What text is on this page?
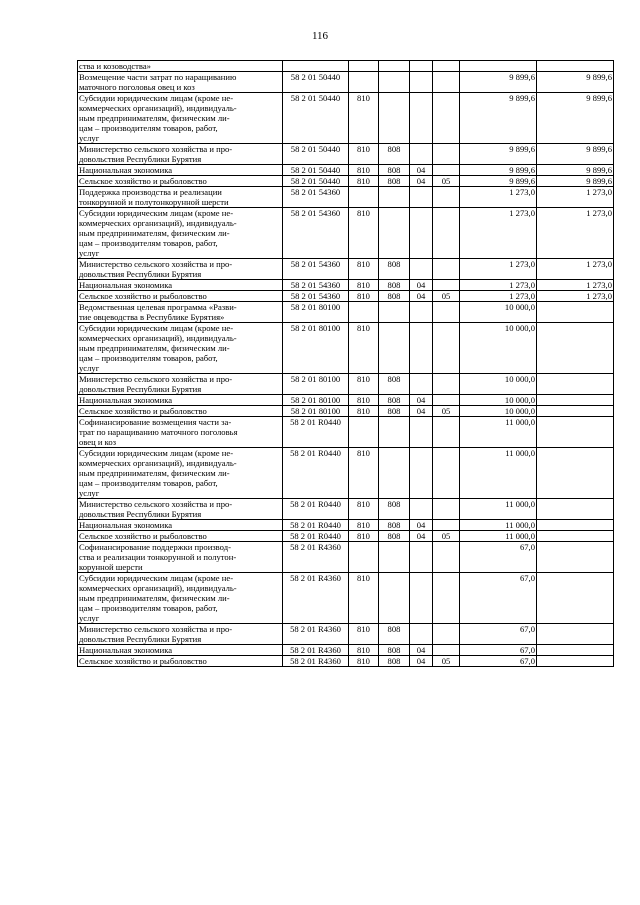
116
ства и козоводства»							
Возмещение части затрат по наращиванию
маточного поголовья овец и коз	58 2 01 50440					9 899,6	9 899,6
Субсидии юридическим лицам (кроме не-
коммерческих организаций), индивидуаль-
ным предпринимателям, физическим ли-
цам – производителям товаров, работ,
услуг	58 2 01 50440	810				9 899,6	9 899,6
Министерство сельского хозяйства и про-
довольствия Республики Бурятия	58 2 01 50440	810	808			9 899,6	9 899,6
Национальная экономика	58 2 01 50440	810	808	04		9 899,6	9 899,6
Сельское хозяйство и рыболовство	58 2 01 50440	810	808	04	05	9 899,6	9 899,6
Поддержка производства и реализации
тонкорунной и полутонкорунной шерсти	58 2 01 54360					1 273,0	1 273,0
Субсидии юридическим лицам (кроме не-
коммерческих организаций), индивидуаль-
ным предпринимателям, физическим ли-
цам – производителям товаров, работ,
услуг	58 2 01 54360	810				1 273,0	1 273,0
Министерство сельского хозяйства и про-
довольствия Республики Бурятия	58 2 01 54360	810	808			1 273,0	1 273,0
Национальная экономика	58 2 01 54360	810	808	04		1 273,0	1 273,0
Сельское хозяйство и рыболовство	58 2 01 54360	810	808	04	05	1 273,0	1 273,0
Ведомственная целевая программа «Разви-
тие овцеводства в Республике Бурятия»	58 2 01 80100					10 000,0	
Субсидии юридическим лицам (кроме не-
коммерческих организаций), индивидуаль-
ным предпринимателям, физическим ли-
цам – производителям товаров, работ,
услуг	58 2 01 80100	810				10 000,0	
Министерство сельского хозяйства и про-
довольствия Республики Бурятия	58 2 01 80100	810	808			10 000,0	
Национальная экономика	58 2 01 80100	810	808	04		10 000,0	
Сельское хозяйство и рыболовство	58 2 01 80100	810	808	04	05	10 000,0	
Софинансирование возмещения части за-
трат по наращиванию маточного поголовья
овец и коз	58 2 01 R0440					11 000,0	
Субсидии юридическим лицам (кроме не-
коммерческих организаций), индивидуаль-
ным предпринимателям, физическим ли-
цам – производителям товаров, работ,
услуг	58 2 01 R0440	810				11 000,0	
Министерство сельского хозяйства и про-
довольствия Республики Бурятия	58 2 01 R0440	810	808			11 000,0	
Национальная экономика	58 2 01 R0440	810	808	04		11 000,0	
Сельское хозяйство и рыболовство	58 2 01 R0440	810	808	04	05	11 000,0	
Софинансирование поддержки производ-
ства и реализации тонкорунной и полутон-
корунной шерсти	58 2 01 R4360					67,0	
Субсидии юридическим лицам (кроме не-
коммерческих организаций), индивидуаль-
ным предпринимателям, физическим ли-
цам – производителям товаров, работ,
услуг	58 2 01 R4360	810				67,0	
Министерство сельского хозяйства и про-
довольствия Республики Бурятия	58 2 01 R4360	810	808			67,0	
Национальная экономика	58 2 01 R4360	810	808	04		67,0	
Сельское хозяйство и рыболовство	58 2 01 R4360	810	808	04	05	67,0	
